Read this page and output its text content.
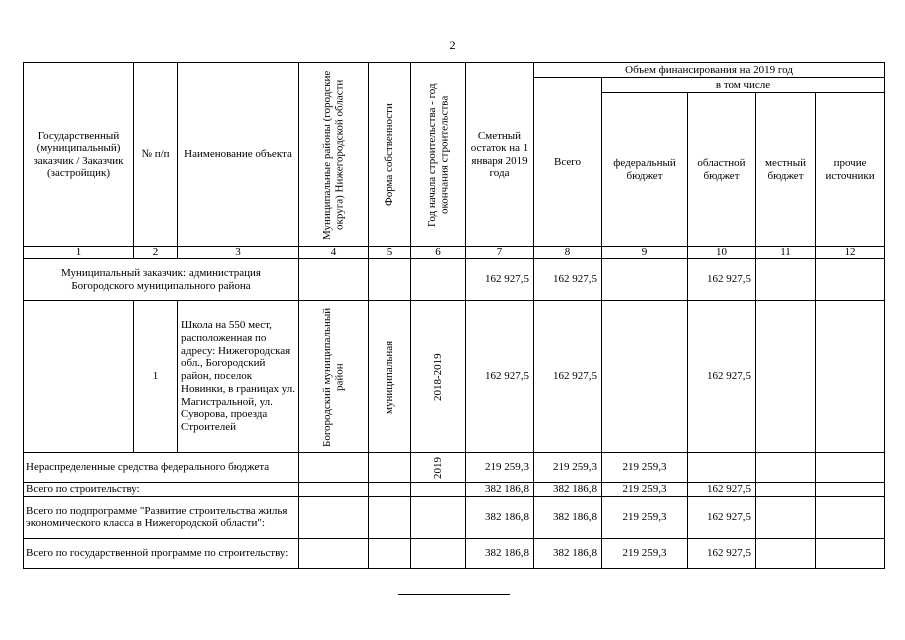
2
Государственный (муниципальный) заказчик / Заказчик (застройщик)	№ п/п	Наименование объекта	Муниципальные районы (городские округа) Нижегородской области	Форма собственности	Год начала строительства - год окончания строительства	Сметный остаток на 1 января 2019 года	Объем финансирования на 2019 год				
							Всего	в том числе			
								федеральный бюджет	областной бюджет	местный бюджет	прочие источники
1	2	3	4	5	6	7	8	9	10	11	12
Муниципальный заказчик: администрация Богородского муниципального района						162 927,5	162 927,5		162 927,5		
	1	Школа на 550 мест, расположенная по адресу: Нижегородская обл., Богородский район, поселок Новинки, в границах ул. Магистральной, ул. Суворова, проезда Строителей	Богородский муниципальный район	муниципальная	2018-2019	162 927,5	162 927,5		162 927,5		
Нераспределенные средства федерального бюджета					2019	219 259,3	219 259,3	219 259,3			
Всего по строительству:						382 186,8	382 186,8	219 259,3	162 927,5		
Всего по подпрограмме "Развитие строительства жилья экономического класса в Нижегородской области":						382 186,8	382 186,8	219 259,3	162 927,5		
Всего по государственной программе по строительству:						382 186,8	382 186,8	219 259,3	162 927,5		
